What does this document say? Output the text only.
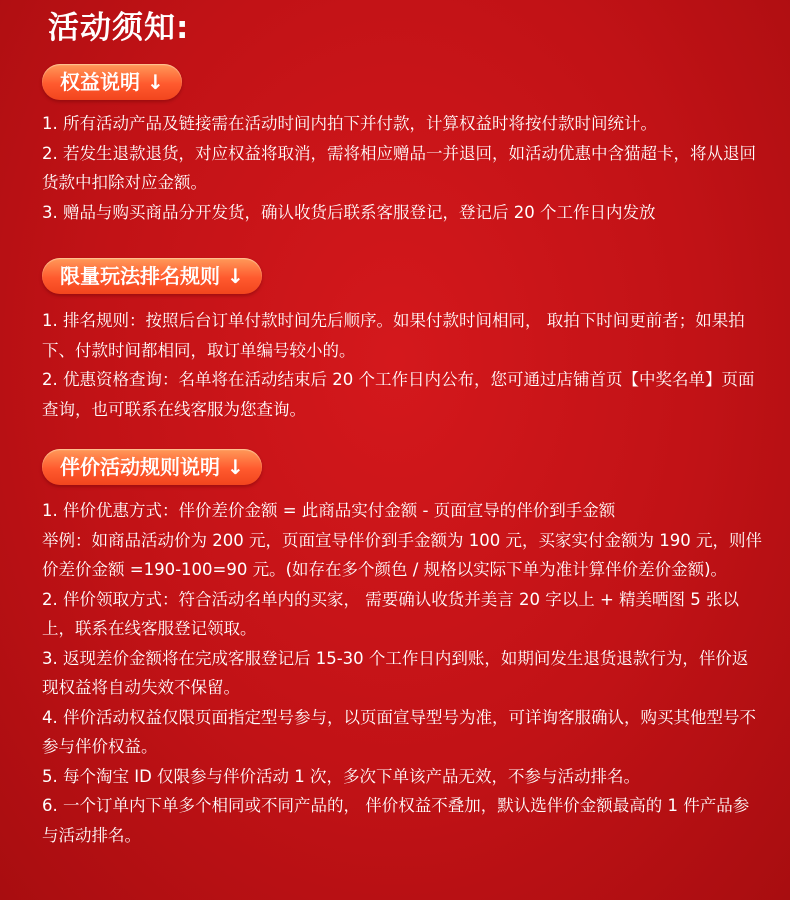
活动须知:
权益说明 ↓

1. 所有活动产品及链接需在活动时间内拍下并付款，计算权益时将按付款时间统计。

2. 若发生退款退货，对应权益将取消，需将相应赠品一并退回，如活动优惠中含猫超卡，将从退回货款中扣除对应金额。

3. 赠品与购买商品分开发货，确认收货后联系客服登记，登记后 20 个工作日内发放

限量玩法排名规则 ↓

1. 排名规则：按照后台订单付款时间先后顺序。如果付款时间相同， 取拍下时间更前者；如果拍下、付款时间都相同，取订单编号较小的。

2. 优惠资格查询：名单将在活动结束后 20 个工作日内公布，您可通过店铺首页【中奖名单】页面查询，也可联系在线客服为您查询。

伴价活动规则说明 ↓

1. 伴价优惠方式：伴价差价金额 = 此商品实付金额 - 页面宣导的伴价到手金额

举例：如商品活动价为 200 元，页面宣导伴价到手金额为 100 元，买家实付金额为 190 元，则伴价差价金额 =190-100=90 元。(如存在多个颜色 / 规格以实际下单为准计算伴价差价金额)。

2. 伴价领取方式：符合活动名单内的买家， 需要确认收货并美言 20 字以上 + 精美晒图 5 张以上，联系在线客服登记领取。

3. 返现差价金额将在完成客服登记后 15-30 个工作日内到账，如期间发生退货退款行为，伴价返现权益将自动失效不保留。

4. 伴价活动权益仅限页面指定型号参与，以页面宣导型号为准，可详询客服确认，购买其他型号不参与伴价权益。

5. 每个淘宝 ID 仅限参与伴价活动 1 次，多次下单该产品无效，不参与活动排名。

6. 一个订单内下单多个相同或不同产品的， 伴价权益不叠加，默认选伴价金额最高的 1 件产品参与活动排名。
